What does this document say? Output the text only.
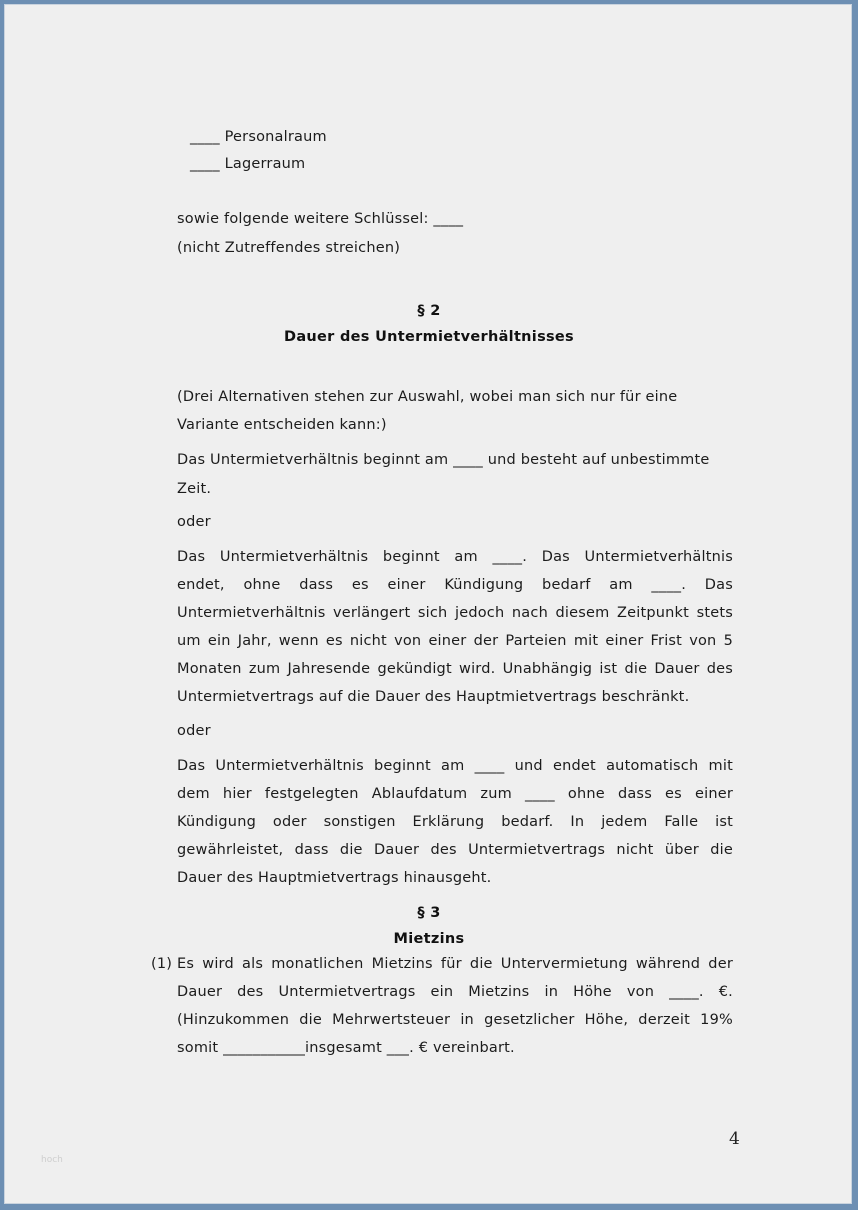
____ Personalraum
____ Lagerraum
sowie folgende weitere Schlüssel: ____
(nicht Zutreffendes streichen)
§ 2
Dauer des Untermietverhältnisses
(Drei Alternativen stehen zur Auswahl, wobei man sich nur für eine
Variante entscheiden kann:)
Das Untermietverhältnis beginnt am ____ und besteht auf unbestimmte
Zeit.
oder
Das Untermietverhältnis beginnt am ____. Das Untermietverhältnis
endet, ohne dass es einer Kündigung bedarf am ____. Das
Untermietverhältnis verlängert sich jedoch nach diesem Zeitpunkt stets
um ein Jahr, wenn es nicht von einer der Parteien mit einer Frist von 5
Monaten zum Jahresende gekündigt wird. Unabhängig ist die Dauer des
Untermietvertrags auf die Dauer des Hauptmietvertrags beschränkt.
oder
Das Untermietverhältnis beginnt am ____ und endet automatisch mit
dem hier festgelegten Ablaufdatum zum ____ ohne dass es einer
Kündigung oder sonstigen Erklärung bedarf. In jedem Falle ist
gewährleistet, dass die Dauer des Untermietvertrags nicht über die
Dauer des Hauptmietvertrags hinausgeht.
§ 3
Mietzins
(1) Es wird als monatlichen Mietzins für die Untervermietung während der
Dauer des Untermietvertrags ein Mietzins in Höhe von ____. €.
(Hinzukommen die Mehrwertsteuer in gesetzlicher Höhe, derzeit 19%
somit ___________insgesamt ___. € vereinbart.
4
hoch
